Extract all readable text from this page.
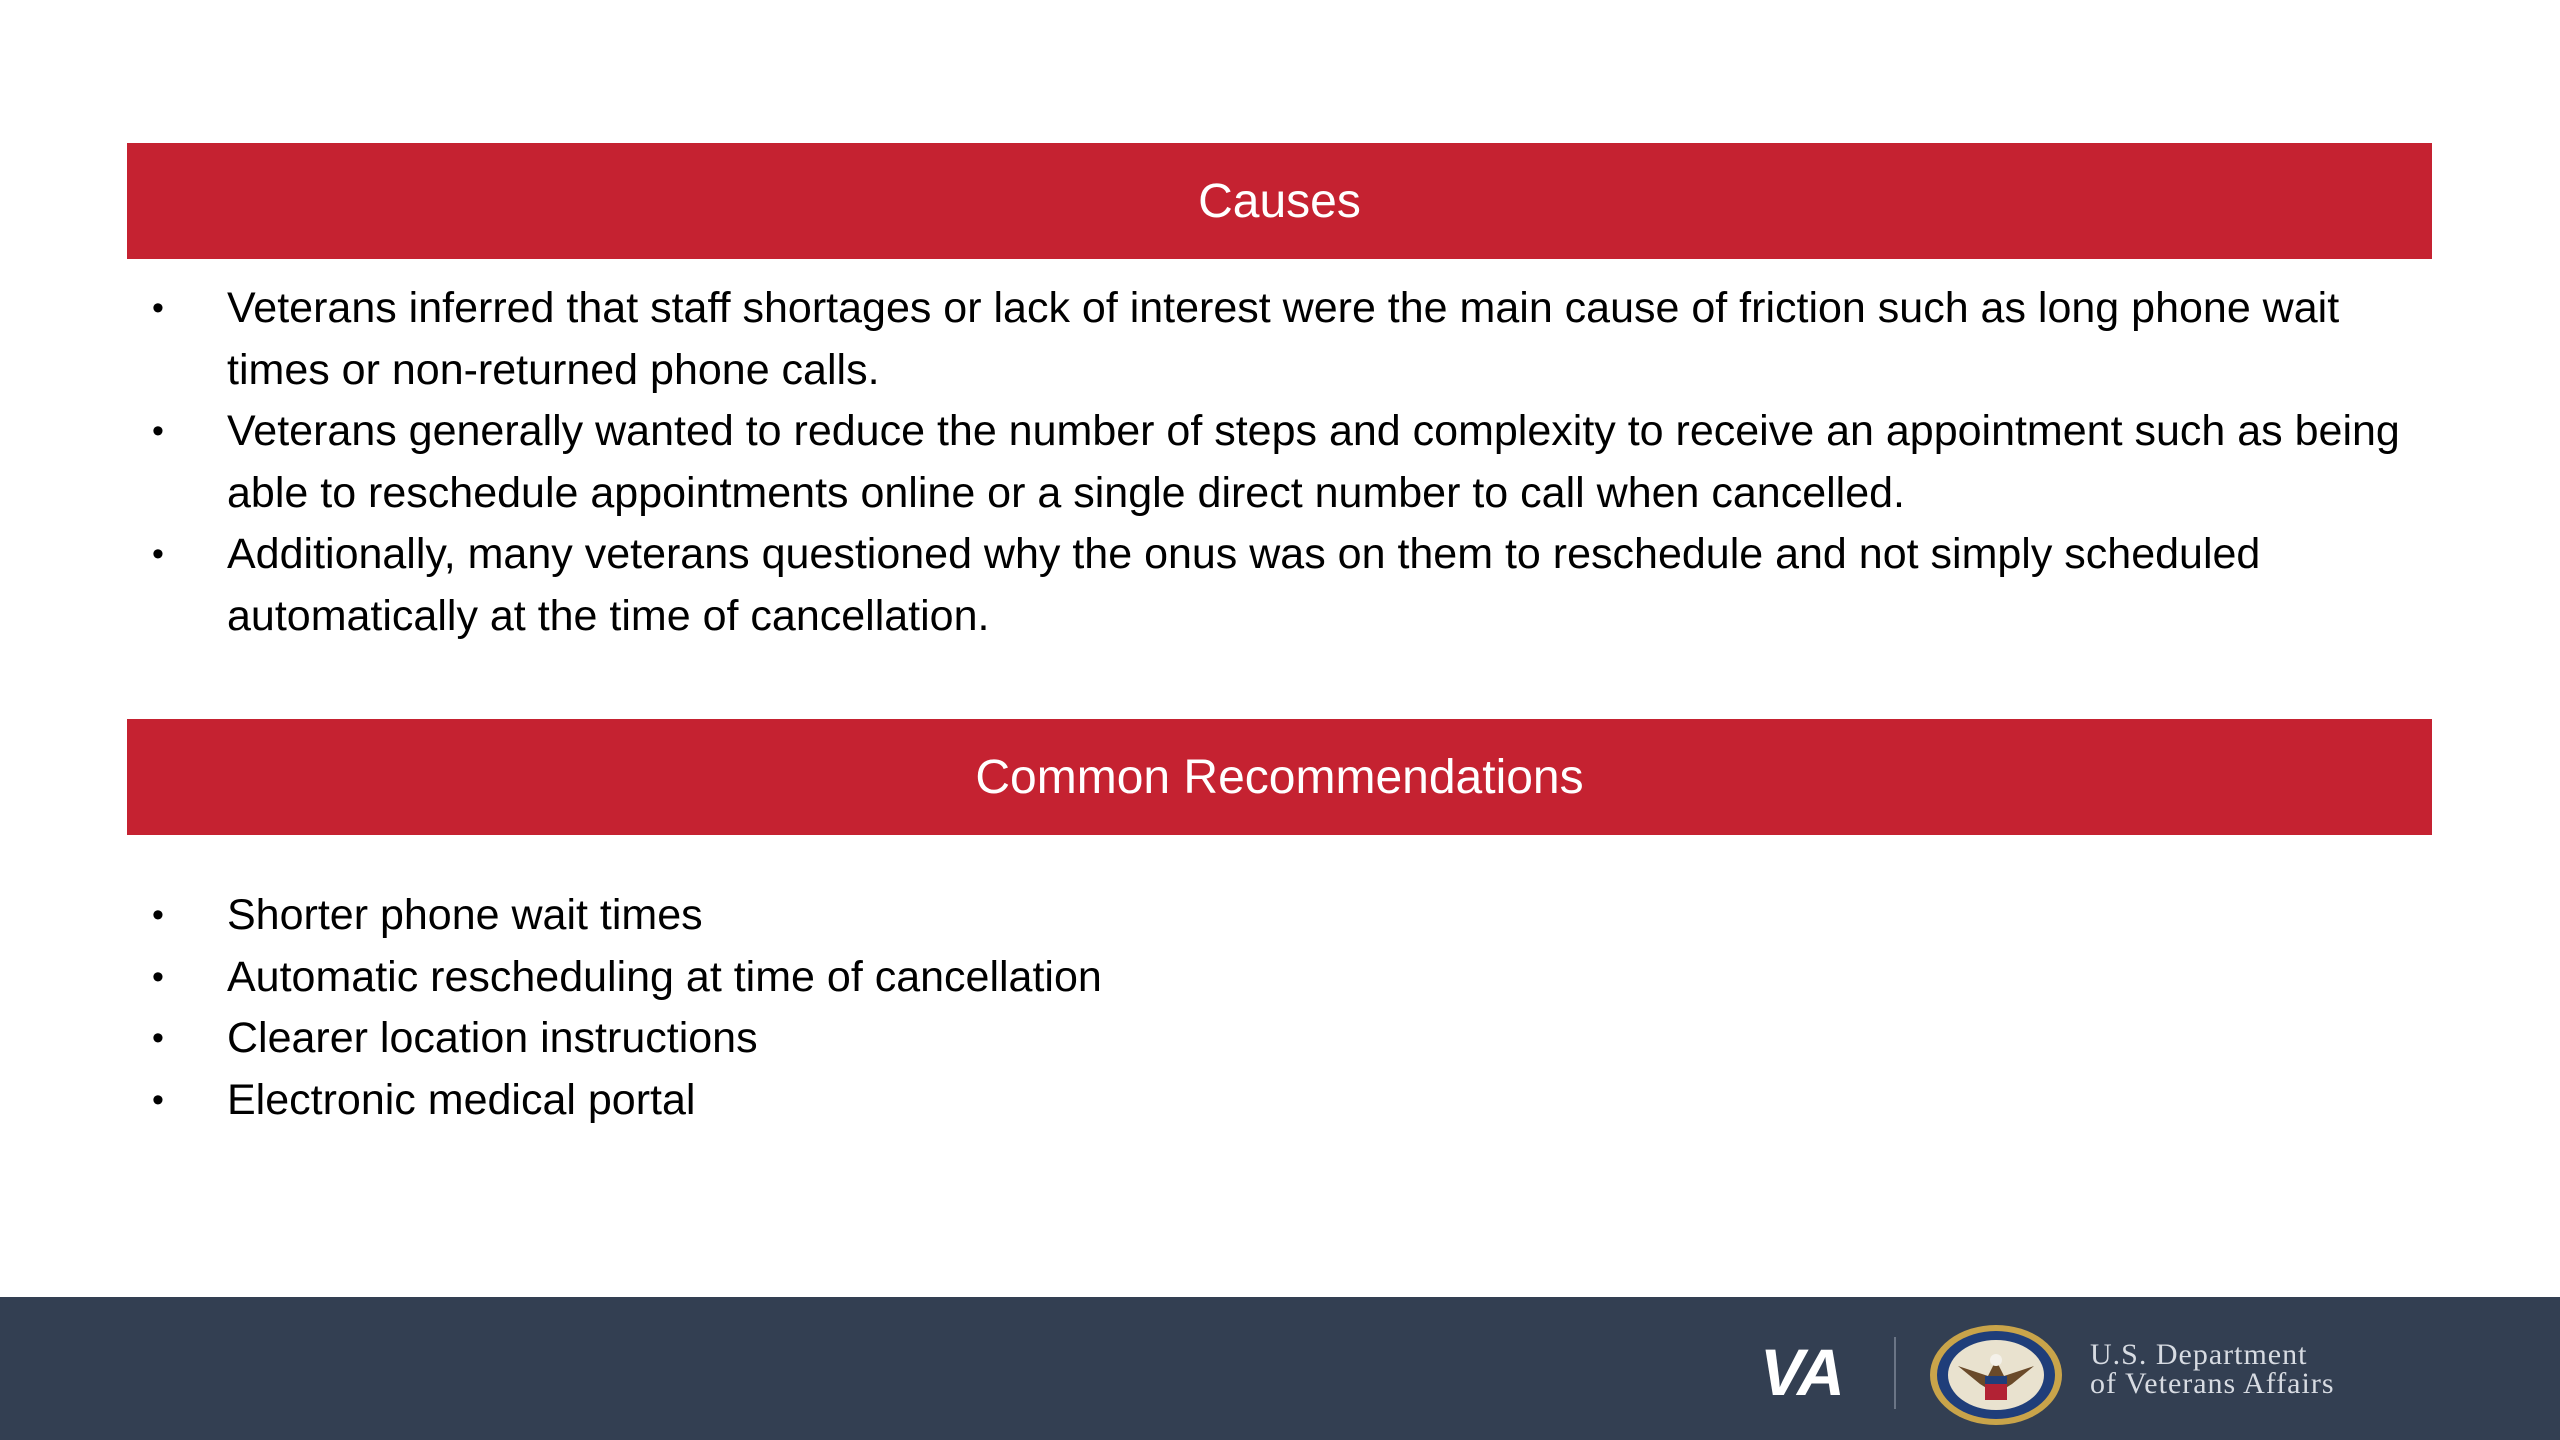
Causes
• Veterans inferred that staff shortages or lack of interest were the main cause of friction such as long phone wait times or non-returned phone calls.
• Veterans generally wanted to reduce the number of steps and complexity to receive an appointment such as being able to reschedule appointments online or a single direct number to call when cancelled.
• Additionally, many veterans questioned why the onus was on them to reschedule and not simply scheduled automatically at the time of cancellation.
Common Recommendations
• Shorter phone wait times
• Automatic rescheduling at time of cancellation
• Clearer location instructions
• Electronic medical portal
VA	U.S. Department
of Veterans Affairs
